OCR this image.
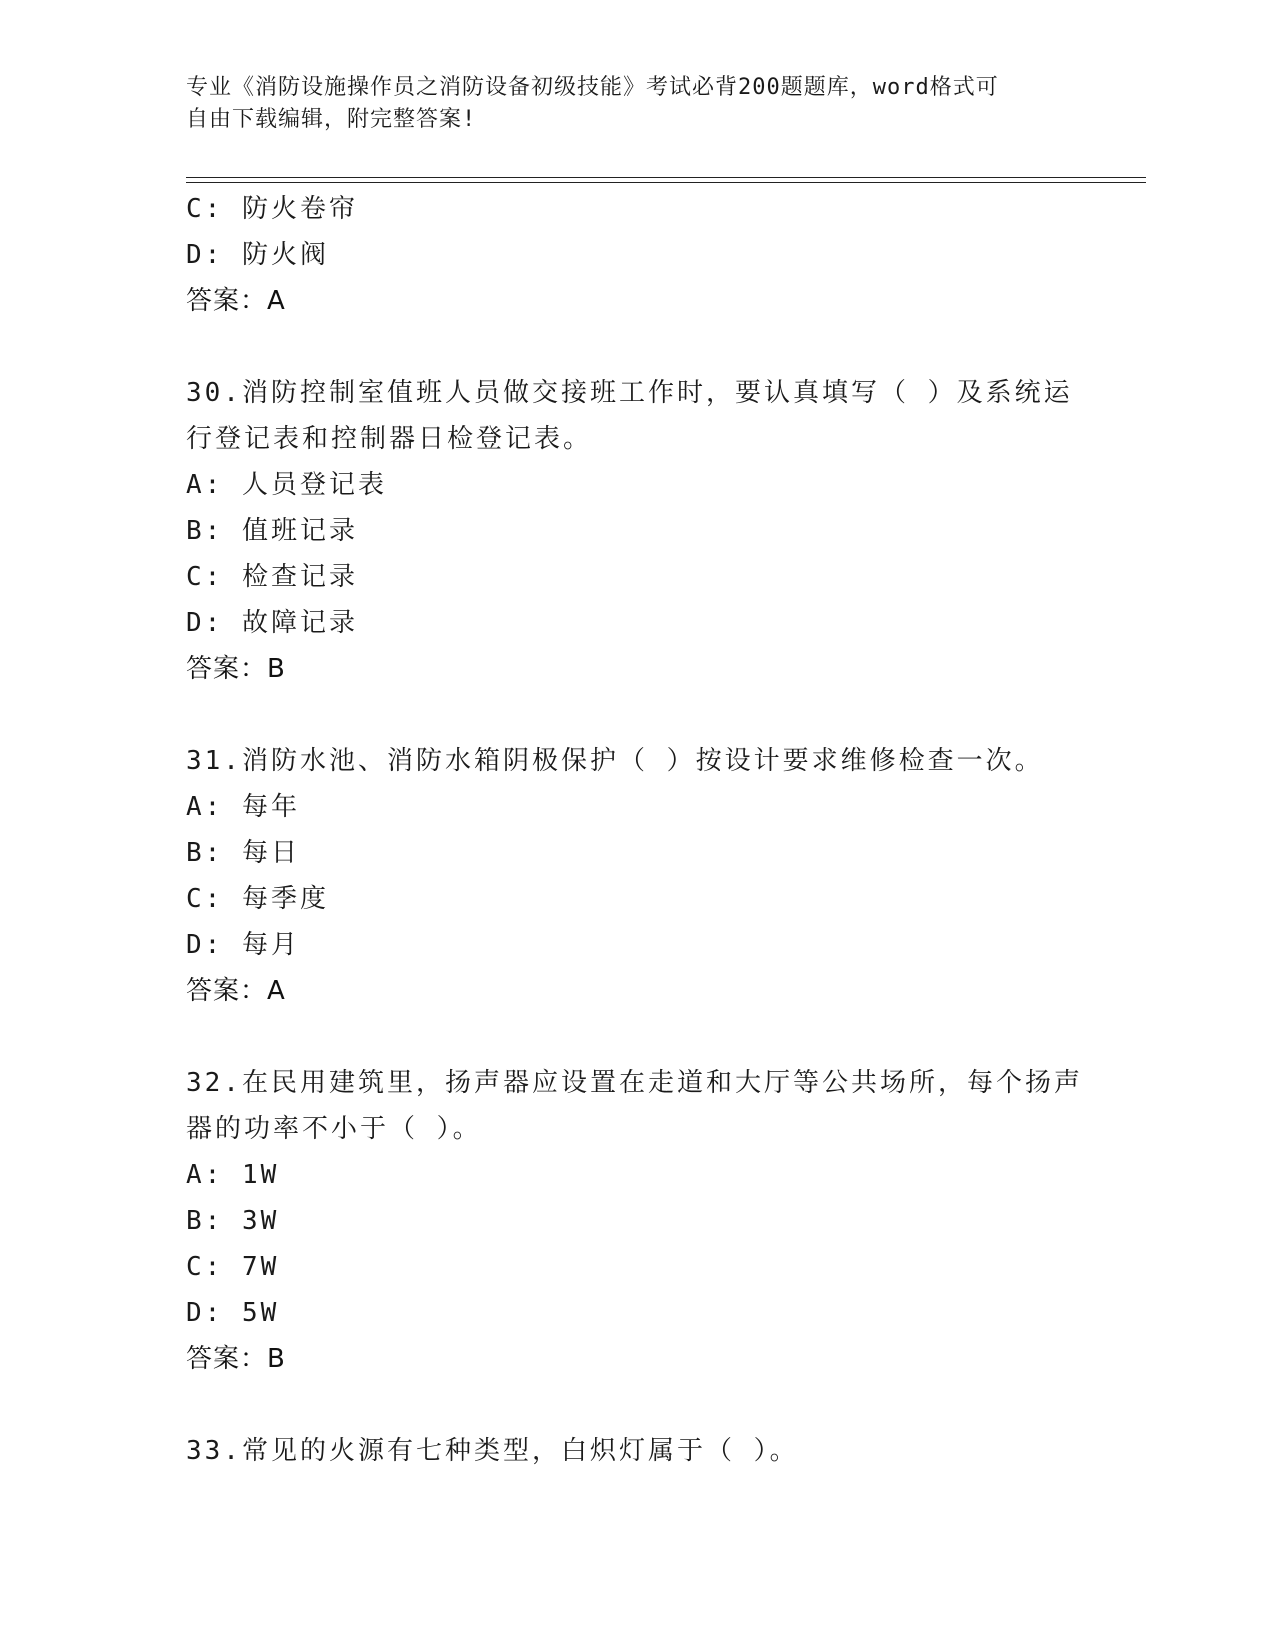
专业《消防设施操作员之消防设备初级技能》考试必背200题题库，word格式可
自由下载编辑，附完整答案!
C: 防火卷帘
D: 防火阀
答案：A
30.消防控制室值班人员做交接班工作时，要认真填写（ ）及系统运
行登记表和控制器日检登记表。
A: 人员登记表
B: 值班记录
C: 检查记录
D: 故障记录
答案：B
31.消防水池、消防水箱阴极保护（ ）按设计要求维修检查一次。
A: 每年
B: 每日
C: 每季度
D: 每月
答案：A
32.在民用建筑里，扬声器应设置在走道和大厅等公共场所，每个扬声
器的功率不小于（ ）。
A: 1W
B: 3W
C: 7W
D: 5W
答案：B
33.常见的火源有七种类型，白炽灯属于（ ）。
